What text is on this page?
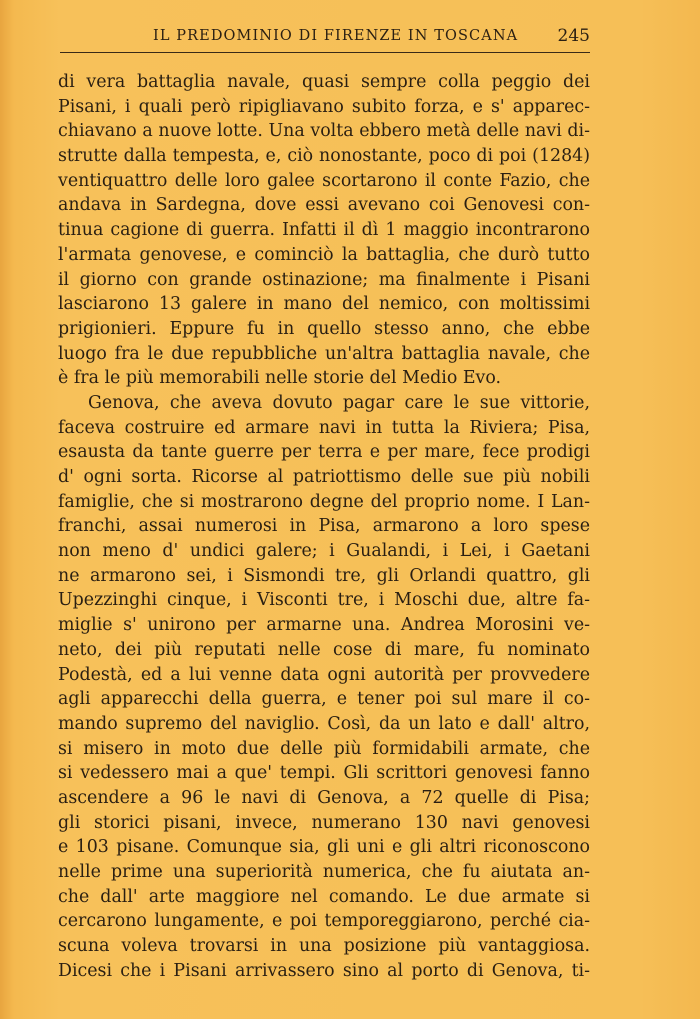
IL PREDOMINIO DI FIRENZE IN TOSCANA 245
di vera battaglia navale, quasi sempre colla peggio dei
Pisani, i quali però ripigliavano subito forza, e s' apparec-
chiavano a nuove lotte. Una volta ebbero metà delle navi di-
strutte dalla tempesta, e, ciò nonostante, poco di poi (1284)
ventiquattro delle loro galee scortarono il conte Fazio, che
andava in Sardegna, dove essi avevano coi Genovesi con-
tinua cagione di guerra. Infatti il dì 1 maggio incontrarono
l'armata genovese, e cominciò la battaglia, che durò tutto
il giorno con grande ostinazione; ma finalmente i Pisani
lasciarono 13 galere in mano del nemico, con moltissimi
prigionieri. Eppure fu in quello stesso anno, che ebbe
luogo fra le due repubbliche un'altra battaglia navale, che
è fra le più memorabili nelle storie del Medio Evo.
Genova, che aveva dovuto pagar care le sue vittorie,
faceva costruire ed armare navi in tutta la Riviera; Pisa,
esausta da tante guerre per terra e per mare, fece prodigi
d' ogni sorta. Ricorse al patriottismo delle sue più nobili
famiglie, che si mostrarono degne del proprio nome. I Lan-
franchi, assai numerosi in Pisa, armarono a loro spese
non meno d' undici galere; i Gualandi, i Lei, i Gaetani
ne armarono sei, i Sismondi tre, gli Orlandi quattro, gli
Upezzinghi cinque, i Visconti tre, i Moschi due, altre fa-
miglie s' unirono per armarne una. Andrea Morosini ve-
neto, dei più reputati nelle cose di mare, fu nominato
Podestà, ed a lui venne data ogni autorità per provvedere
agli apparecchi della guerra, e tener poi sul mare il co-
mando supremo del naviglio. Così, da un lato e dall' altro,
si misero in moto due delle più formidabili armate, che
si vedessero mai a que' tempi. Gli scrittori genovesi fanno
ascendere a 96 le navi di Genova, a 72 quelle di Pisa;
gli storici pisani, invece, numerano 130 navi genovesi
e 103 pisane. Comunque sia, gli uni e gli altri riconoscono
nelle prime una superiorità numerica, che fu aiutata an-
che dall' arte maggiore nel comando. Le due armate si
cercarono lungamente, e poi temporeggiarono, perché cia-
scuna voleva trovarsi in una posizione più vantaggiosa.
Dicesi che i Pisani arrivassero sino al porto di Genova, ti-
